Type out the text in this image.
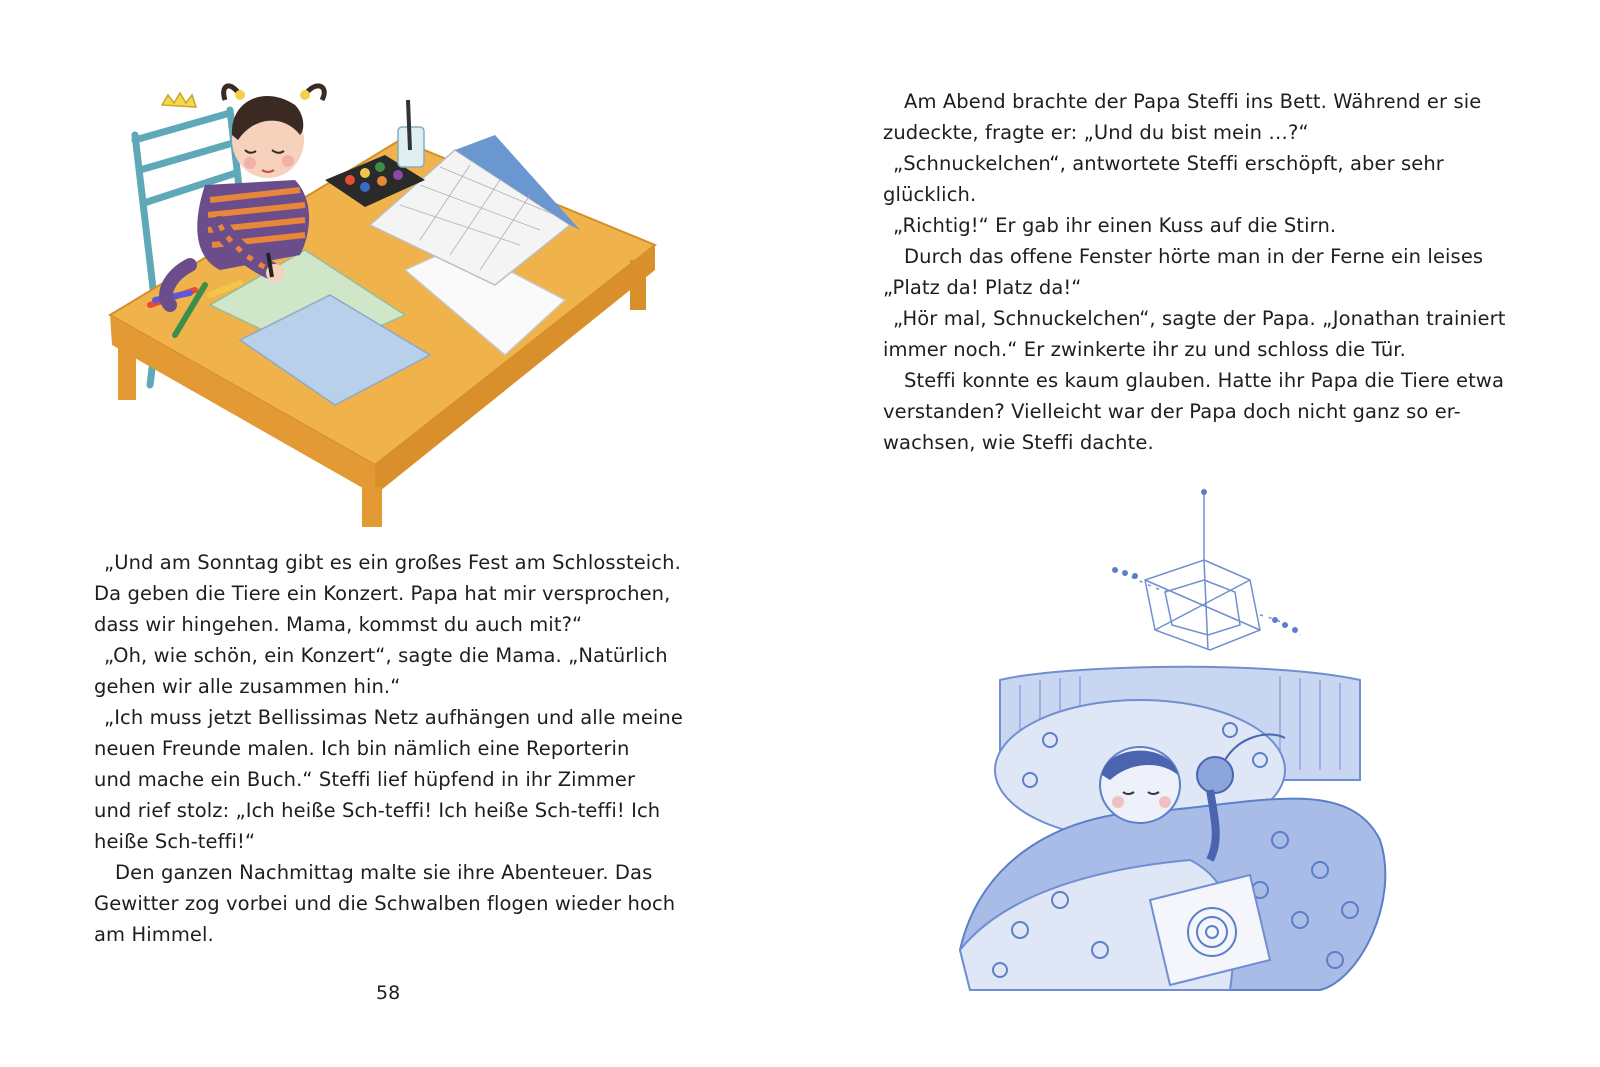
„Und am Sonntag gibt es ein großes Fest am Schlossteich.

Da geben die Tiere ein Konzert. Papa hat mir versprochen,

dass wir hingehen. Mama, kommst du auch mit?“

„Oh, wie schön, ein Konzert“, sagte die Mama. „Natürlich

gehen wir alle zusammen hin.“

„Ich muss jetzt Bellissimas Netz aufhängen und alle meine

neuen Freunde malen. Ich bin nämlich eine Reporterin

und mache ein Buch.“ Steffi lief hüpfend in ihr Zimmer

und rief stolz: „Ich heiße Sch-teffi! Ich heiße Sch-teffi! Ich

heiße Sch-teffi!“

Den ganzen Nachmittag malte sie ihre Abenteuer. Das

Gewitter zog vorbei und die Schwalben flogen wieder hoch

am Himmel.

58

Am Abend brachte der Papa Steffi ins Bett. Während er sie

zudeckte, fragte er: „Und du bist mein …?“

„Schnuckelchen“, antwortete Steffi erschöpft, aber sehr

glücklich.

„Richtig!“ Er gab ihr einen Kuss auf die Stirn.

Durch das offene Fenster hörte man in der Ferne ein leises

„Platz da! Platz da!“

„Hör mal, Schnuckelchen“, sagte der Papa. „Jonathan trainiert

immer noch.“ Er zwinkerte ihr zu und schloss die Tür.

Steffi konnte es kaum glauben. Hatte ihr Papa die Tiere etwa

verstanden? Vielleicht war der Papa doch nicht ganz so er-

wachsen, wie Steffi dachte.
